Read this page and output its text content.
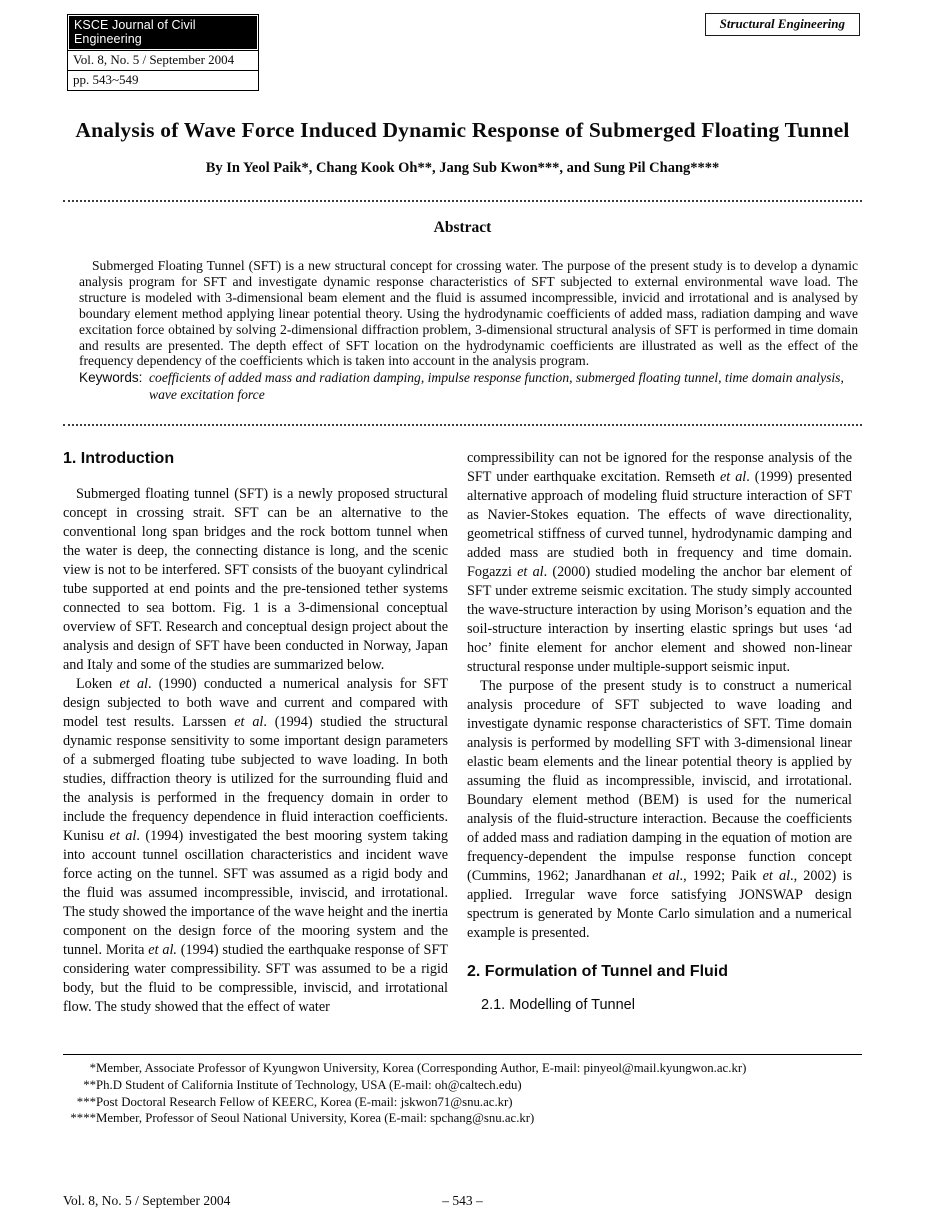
KSCE Journal of Civil Engineering
Vol. 8, No. 5 / September 2004
pp. 543~549
Structural Engineering
Analysis of Wave Force Induced Dynamic Response of Submerged Floating Tunnel
By In Yeol Paik*, Chang Kook Oh**, Jang Sub Kwon***, and Sung Pil Chang****
Abstract
Submerged Floating Tunnel (SFT) is a new structural concept for crossing water. The purpose of the present study is to develop a dynamic analysis program for SFT and investigate dynamic response characteristics of SFT subjected to external environmental wave load. The structure is modeled with 3-dimensional beam element and the fluid is assumed incompressible, invicid and irrotational and is analysed by boundary element method applying linear potential theory. Using the hydrodynamic coefficients of added mass, radiation damping and wave excitation force obtained by solving 2-dimensional diffraction problem, 3-dimensional structural analysis of SFT is performed in time domain and results are presented. The depth effect of SFT location on the hydrodynamic coefficients are illustrated as well as the effect of the frequency dependency of the coefficients which is taken into account in the analysis program.
Keywords: coefficients of added mass and radiation damping, impulse response function, submerged floating tunnel, time domain analysis, wave excitation force
1. Introduction

Submerged floating tunnel (SFT) is a newly proposed structural concept in crossing strait. SFT can be an alternative to the conventional long span bridges and the rock bottom tunnel when the water is deep, the connecting distance is long, and the scenic view is not to be interfered. SFT consists of the buoyant cylindrical tube supported at end points and the pre-tensioned tether systems connected to sea bottom. Fig. 1 is a 3-dimensional conceptual overview of SFT. Research and conceptual design project about the analysis and design of SFT have been conducted in Norway, Japan and Italy and some of the studies are summarized below.

Loken et al. (1990) conducted a numerical analysis for SFT design subjected to both wave and current and compared with model test results. Larssen et al. (1994) studied the structural dynamic response sensitivity to some important design parameters of a submerged floating tube subjected to wave loading. In both studies, diffraction theory is utilized for the surrounding fluid and the analysis is performed in the frequency domain in order to include the frequency dependence in fluid interaction coefficients. Kunisu et al. (1994) investigated the best mooring system taking into account tunnel oscillation characteristics and incident wave force acting on the tunnel. SFT was assumed as a rigid body and the fluid was assumed incompressible, inviscid, and irrotational. The study showed the importance of the wave height and the inertia component on the design force of the mooring system and the tunnel. Morita et al. (1994) studied the earthquake response of SFT considering water compressibility. SFT was assumed to be a rigid body, but the fluid to be compressible, inviscid, and irrotational flow. The study showed that the effect of water

compressibility can not be ignored for the response analysis of the SFT under earthquake excitation. Remseth et al. (1999) presented alternative approach of modeling fluid structure interaction of SFT as Navier-Stokes equation. The effects of wave directionality, geometrical stiffness of curved tunnel, hydrodynamic damping and added mass are studied both in frequency and time domain. Fogazzi et al. (2000) studied modeling the anchor bar element of SFT under extreme seismic excitation. The study simply accounted the wave-structure interaction by using Morison’s equation and the soil-structure interaction by inserting elastic springs but uses ‘ad hoc’ finite element for anchor element and showed non-linear structural response under multiple-support seismic input.

The purpose of the present study is to construct a numerical analysis procedure of SFT subjected to wave loading and investigate dynamic response characteristics of SFT. Time domain analysis is performed by modelling SFT with 3-dimensional linear elastic beam elements and the linear potential theory is applied by assuming the fluid as incompressible, inviscid, and irrotational. Boundary element method (BEM) is used for the numerical analysis of the fluid-structure interaction. Because the coefficients of added mass and radiation damping in the equation of motion are frequency-dependent the impulse response function concept (Cummins, 1962; Janardhanan et al., 1992; Paik et al., 2002) is applied. Irregular wave force satisfying JONSWAP design spectrum is generated by Monte Carlo simulation and a numerical example is presented.

2. Formulation of Tunnel and Fluid
2.1. Modelling of Tunnel
* Member, Associate Professor of Kyungwon University, Korea (Corresponding Author, E-mail: pinyeol@mail.kyungwon.ac.kr)
** Ph.D Student of California Institute of Technology, USA (E-mail: oh@caltech.edu)
*** Post Doctoral Research Fellow of KEERC, Korea (E-mail: jskwon71@snu.ac.kr)
**** Member, Professor of Seoul National University, Korea (E-mail: spchang@snu.ac.kr)
– 543 –
Vol. 8, No. 5 / September 2004
